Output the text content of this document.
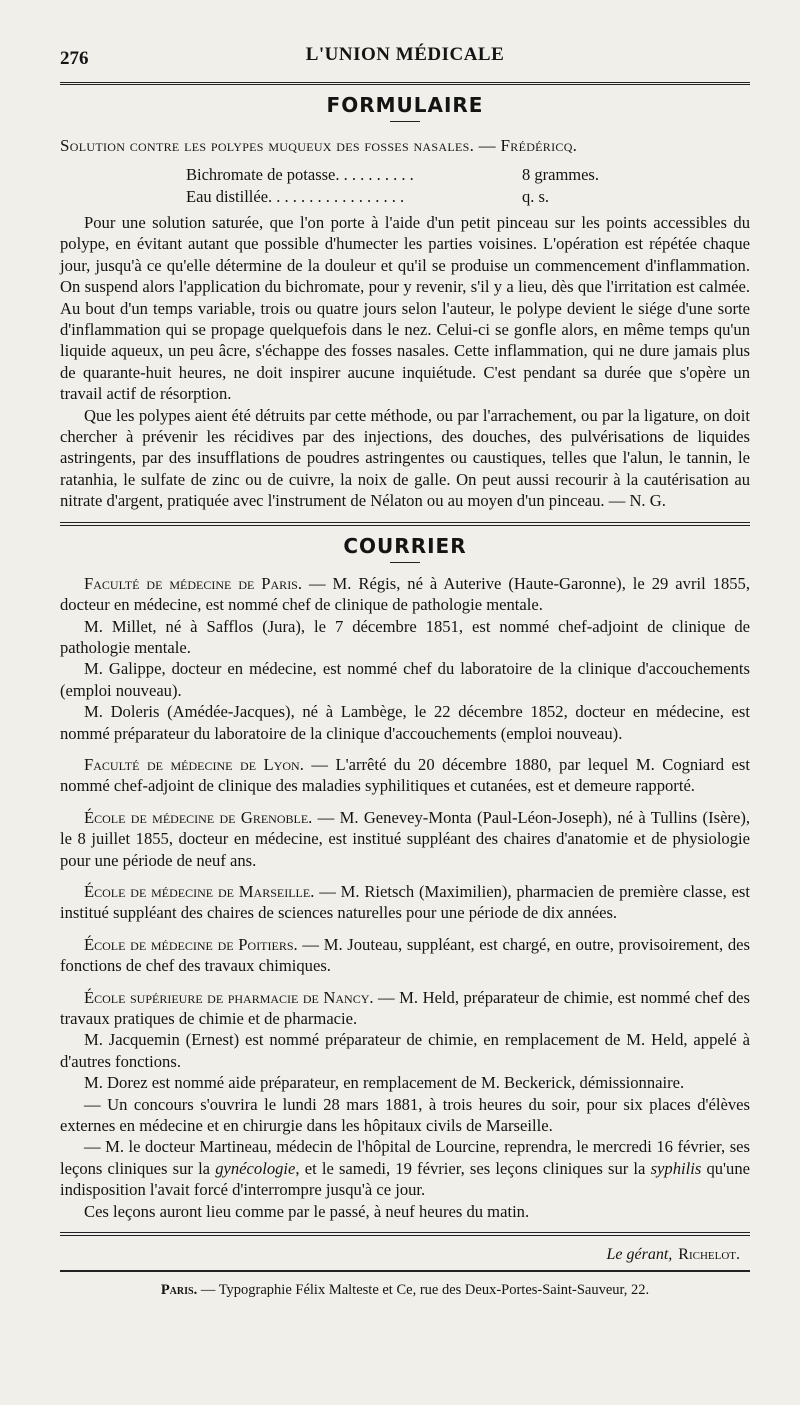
276	L'UNION MÉDICALE
FORMULAIRE
Solution contre les polypes muqueux des fosses nasales. — Frédéricq.
Bichromate de potasse. . . . . . . . . .	8 grammes.
Eau distillée. . . . . . . . . . . . . . . . .	q. s.

Pour une solution saturée, que l'on porte à l'aide d'un petit pinceau sur les points accessibles du polype, en évitant autant que possible d'humecter les parties voisines. L'opération est répétée chaque jour, jusqu'à ce qu'elle détermine de la douleur et qu'il se produise un commencement d'inflammation. On suspend alors l'application du bichromate, pour y revenir, s'il y a lieu, dès que l'irritation est calmée. Au bout d'un temps variable, trois ou quatre jours selon l'auteur, le polype devient le siége d'une sorte d'inflammation qui se propage quelquefois dans le nez. Celui-ci se gonfle alors, en même temps qu'un liquide aqueux, un peu âcre, s'échappe des fosses nasales. Cette inflammation, qui ne dure jamais plus de quarante-huit heures, ne doit inspirer aucune inquiétude. C'est pendant sa durée que s'opère un travail actif de résorption.

Que les polypes aient été détruits par cette méthode, ou par l'arrachement, ou par la ligature, on doit chercher à prévenir les récidives par des injections, des douches, des pulvérisations de liquides astringents, par des insufflations de poudres astringentes ou caustiques, telles que l'alun, le tannin, le ratanhia, le sulfate de zinc ou de cuivre, la noix de galle. On peut aussi recourir à la cautérisation au nitrate d'argent, pratiquée avec l'instrument de Nélaton ou au moyen d'un pinceau. — N. G.

COURRIER

Faculté de médecine de Paris. — M. Régis, né à Auterive (Haute-Garonne), le 29 avril 1855, docteur en médecine, est nommé chef de clinique de pathologie mentale.

M. Millet, né à Safflos (Jura), le 7 décembre 1851, est nommé chef-adjoint de clinique de pathologie mentale.

M. Galippe, docteur en médecine, est nommé chef du laboratoire de la clinique d'accouchements (emploi nouveau).

M. Doleris (Amédée-Jacques), né à Lambège, le 22 décembre 1852, docteur en médecine, est nommé préparateur du laboratoire de la clinique d'accouchements (emploi nouveau).

Faculté de médecine de Lyon. — L'arrêté du 20 décembre 1880, par lequel M. Cogniard est nommé chef-adjoint de clinique des maladies syphilitiques et cutanées, est et demeure rapporté.

École de médecine de Grenoble. — M. Genevey-Monta (Paul-Léon-Joseph), né à Tullins (Isère), le 8 juillet 1855, docteur en médecine, est institué suppléant des chaires d'anatomie et de physiologie pour une période de neuf ans.

École de médecine de Marseille. — M. Rietsch (Maximilien), pharmacien de première classe, est institué suppléant des chaires de sciences naturelles pour une période de dix années.

École de médecine de Poitiers. — M. Jouteau, suppléant, est chargé, en outre, provisoirement, des fonctions de chef des travaux chimiques.

École supérieure de pharmacie de Nancy. — M. Held, préparateur de chimie, est nommé chef des travaux pratiques de chimie et de pharmacie.

M. Jacquemin (Ernest) est nommé préparateur de chimie, en remplacement de M. Held, appelé à d'autres fonctions.

M. Dorez est nommé aide préparateur, en remplacement de M. Beckerick, démissionnaire.

— Un concours s'ouvrira le lundi 28 mars 1881, à trois heures du soir, pour six places d'élèves externes en médecine et en chirurgie dans les hôpitaux civils de Marseille.

— M. le docteur Martineau, médecin de l'hôpital de Lourcine, reprendra, le mercredi 16 février, ses leçons cliniques sur la gynécologie, et le samedi, 19 février, ses leçons cliniques sur la syphilis qu'une indisposition l'avait forcé d'interrompre jusqu'à ce jour.

Ces leçons auront lieu comme par le passé, à neuf heures du matin.

Le gérant, Richelot.
Paris. — Typographie Félix Malteste et Ce, rue des Deux-Portes-Saint-Sauveur, 22.
